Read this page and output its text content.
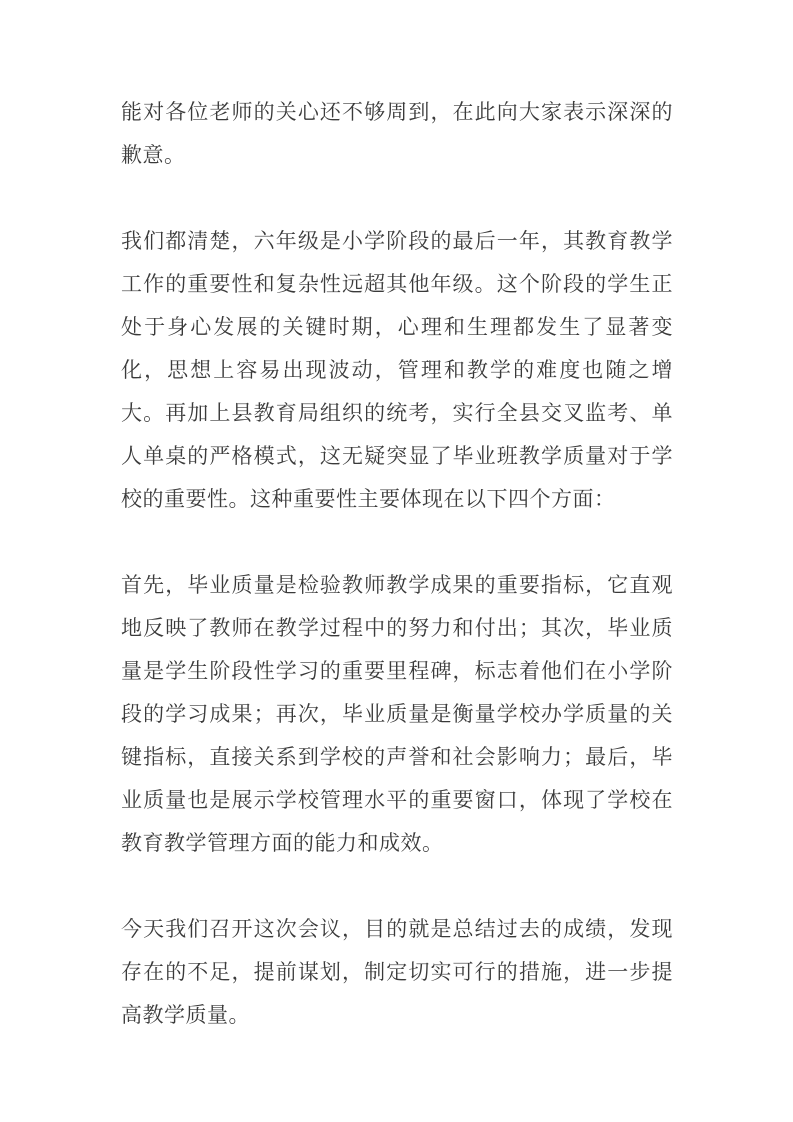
能对各位老师的关心还不够周到，在此向大家表示深深的歉意。

我们都清楚，六年级是小学阶段的最后一年，其教育教学工作的重要性和复杂性远超其他年级。这个阶段的学生正处于身心发展的关键时期，心理和生理都发生了显著变化，思想上容易出现波动，管理和教学的难度也随之增大。再加上县教育局组织的统考，实行全县交叉监考、单人单桌的严格模式，这无疑突显了毕业班教学质量对于学校的重要性。这种重要性主要体现在以下四个方面：

首先，毕业质量是检验教师教学成果的重要指标，它直观地反映了教师在教学过程中的努力和付出；其次，毕业质量是学生阶段性学习的重要里程碑，标志着他们在小学阶段的学习成果；再次，毕业质量是衡量学校办学质量的关键指标，直接关系到学校的声誉和社会影响力；最后，毕业质量也是展示学校管理水平的重要窗口，体现了学校在教育教学管理方面的能力和成效。

今天我们召开这次会议，目的就是总结过去的成绩，发现存在的不足，提前谋划，制定切实可行的措施，进一步提高教学质量。
